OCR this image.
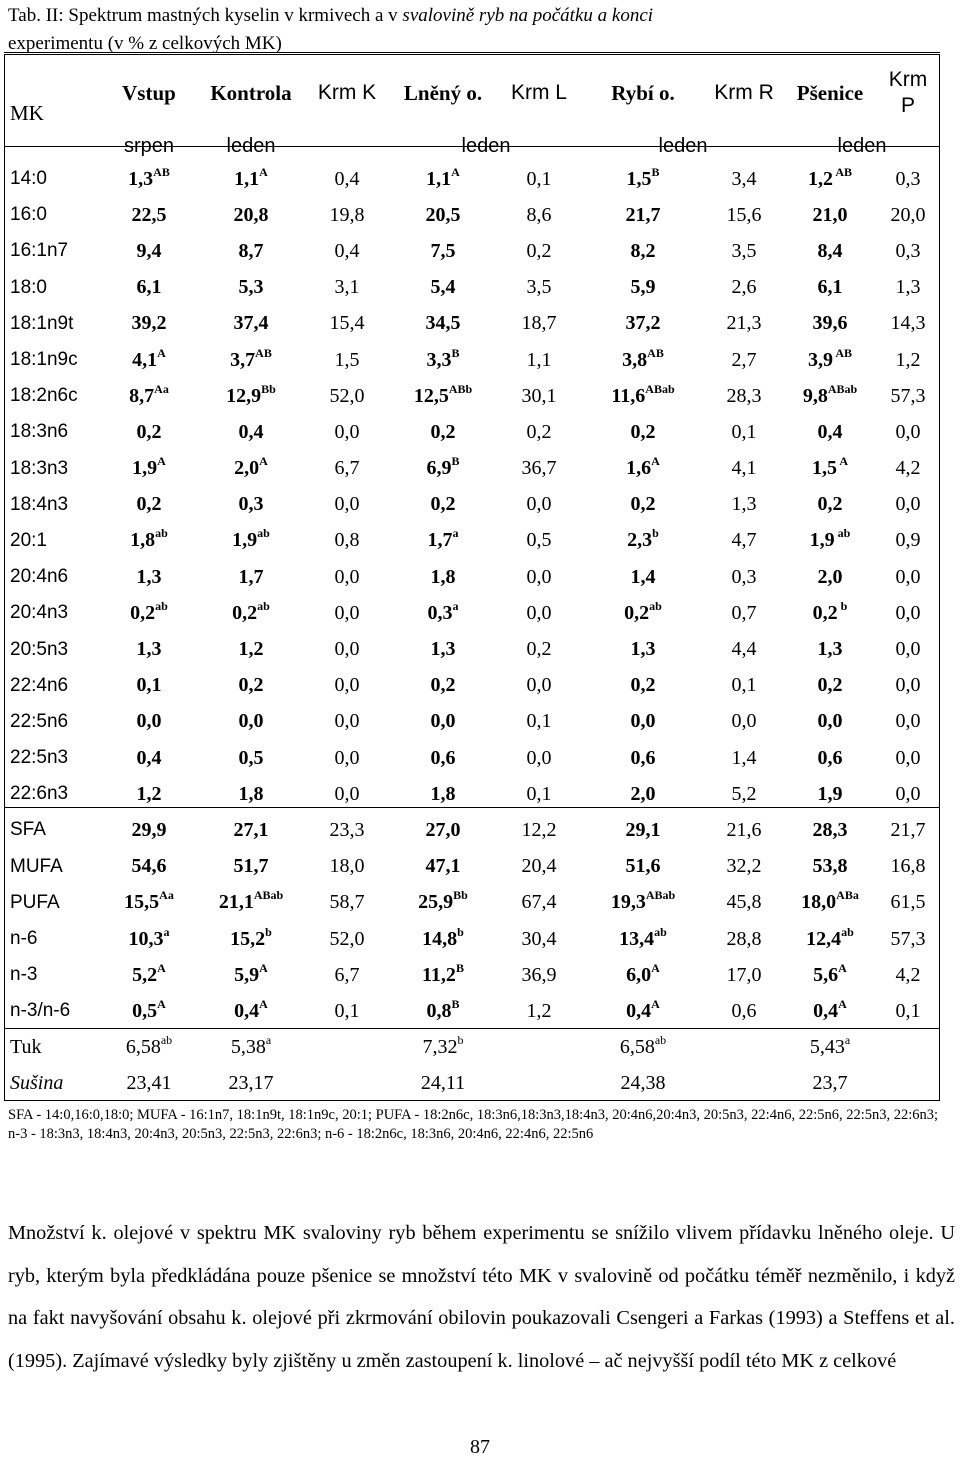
Tab. II: Spektrum mastných kyselin v krmivech a v svalovině ryb na počátku a konci
experimentu (v % z celkových MK)
MK	Vstup	Kontrola	Krm K	Lněný o.	Krm L	Rybí o.	Krm R	Pšenice	Krm P
	srpen	leden		leden		leden		leden	
14:0	$1,3^{AB}$	$1,1^A$	0,4	$1,1^A$	0,1	$1,5^B$	3,4	1,2 $^{AB}$	0,3
16:0	22,5	20,8	19,8	20,5	8,6	21,7	15,6	21,0	20,0
16:1n7	9,4	8,7	0,4	7,5	0,2	8,2	3,5	8,4	0,3
18:0	6,1	5,3	3,1	5,4	3,5	5,9	2,6	6,1	1,3
18:1n9t	39,2	37,4	15,4	34,5	18,7	37,2	21,3	39,6	14,3
18:1n9c	$4,1^A$	$3,7^{AB}$	1,5	$3,3^B$	1,1	$3,8^{AB}$	2,7	3,9 $^{AB}$	1,2
18:2n6c	$8,7^{Aa}$	$12,9^{Bb}$	52,0	$12,5^{ABb}$	30,1	$11,6^{ABab}$	28,3	$9,8^{ABab}$	57,3
18:3n6	0,2	0,4	0,0	0,2	0,2	0,2	0,1	0,4	0,0
18:3n3	$1,9^A$	$2,0^A$	6,7	$6,9^B$	36,7	$1,6^A$	4,1	1,5 $^A$	4,2
18:4n3	0,2	0,3	0,0	0,2	0,0	0,2	1,3	0,2	0,0
20:1	1,8$^{ab}$	1,9$^{ab}$	0,8	1,7$^a$	0,5	2,3$^b$	4,7	1,9 $^{ab}$	0,9
20:4n6	1,3	1,7	0,0	1,8	0,0	1,4	0,3	2,0	0,0
20:4n3	0,2$^{ab}$	0,2$^{ab}$	0,0	0,3$^a$	0,0	0,2$^{ab}$	0,7	0,2 $^b$	0,0
20:5n3	1,3	1,2	0,0	1,3	0,2	1,3	4,4	1,3	0,0
22:4n6	0,1	0,2	0,0	0,2	0,0	0,2	0,1	0,2	0,0
22:5n6	0,0	0,0	0,0	0,0	0,1	0,0	0,0	0,0	0,0
22:5n3	0,4	0,5	0,0	0,6	0,0	0,6	1,4	0,6	0,0
22:6n3	1,2	1,8	0,0	1,8	0,1	2,0	5,2	1,9	0,0
SFA	29,9	27,1	23,3	27,0	12,2	29,1	21,6	28,3	21,7
MUFA	54,6	51,7	18,0	47,1	20,4	51,6	32,2	53,8	16,8
PUFA	$15,5^{Aa}$	$21,1^{ABab}$	58,7	$25,9^{Bb}$	67,4	$19,3^{ABab}$	45,8	$18,0^{ABa}$	61,5
n-6	10,3$^a$	15,2$^b$	52,0	14,8$^b$	30,4	13,4$^{ab}$	28,8	12,4$^{ab}$	57,3
n-3	$5,2^A$	$5,9^A$	6,7	$11,2^B$	36,9	$6,0^A$	17,0	$5,6^A$	4,2
n-3/n-6	$0,5^A$	$0,4^A$	0,1	$0,8^B$	1,2	$0,4^A$	0,6	$0,4^A$	0,1
Tuk	6,58$^{ab}$	5,38$^a$		7,32$^b$		6,58$^{ab}$		5,43$^a$	
Sušina	23,41	23,17		24,11		24,38		23,7	
SFA - 14:0,16:0,18:0; MUFA - 16:1n7, 18:1n9t, 18:1n9c, 20:1; PUFA - 18:2n6c, 18:3n6,18:3n3,18:4n3, 20:4n6,20:4n3, 20:5n3, 22:4n6, 22:5n6, 22:5n3, 22:6n3; n-3 - 18:3n3, 18:4n3, 20:4n3, 20:5n3, 22:5n3, 22:6n3; n-6 - 18:2n6c, 18:3n6, 20:4n6, 22:4n6, 22:5n6
Množství k. olejové v spektru MK svaloviny ryb během experimentu se snížilo vlivem přídavku lněného oleje. U ryb, kterým byla předkládána pouze pšenice se množství této MK v svalovině od počátku téměř nezměnilo, i když na fakt navyšování obsahu k. olejové při zkrmování obilovin poukazovali Csengeri a Farkas (1993) a Steffens et al.(1995). Zajímavé výsledky byly zjištěny u změn zastoupení k. linolové – ač nejvyšší podíl této MK z celkové
87
